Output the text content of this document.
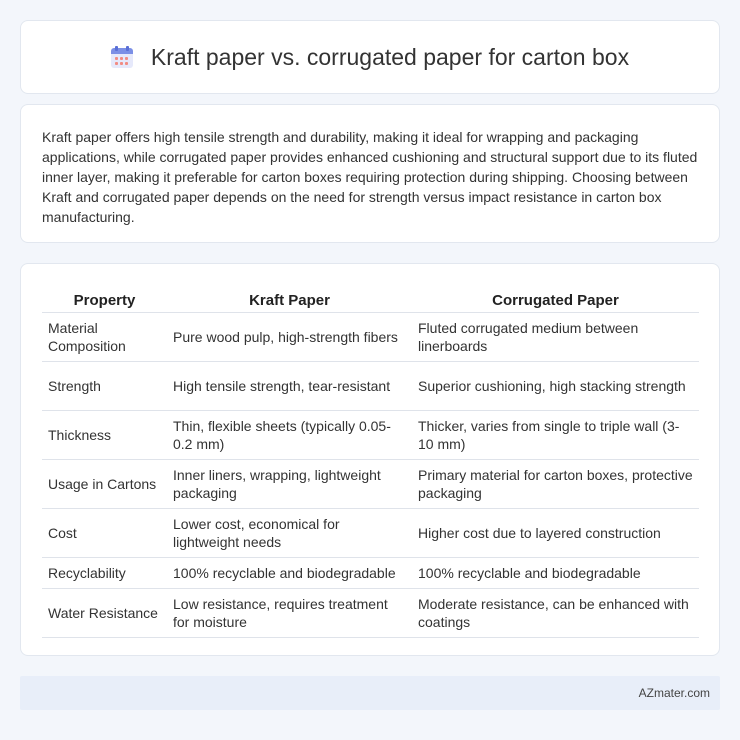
Kraft paper vs. corrugated paper for carton box

Kraft paper offers high tensile strength and durability, making it ideal for wrapping and packaging applications, while corrugated paper provides enhanced cushioning and structural support due to its fluted inner layer, making it preferable for carton boxes requiring protection during shipping. Choosing between Kraft and corrugated paper depends on the need for strength versus impact resistance in carton box manufacturing.

Property	Kraft Paper	Corrugated Paper
Material Composition	Pure wood pulp, high-strength fibers	Fluted corrugated medium between linerboards
Strength	High tensile strength, tear-resistant	Superior cushioning, high stacking strength
Thickness	Thin, flexible sheets (typically 0.05-0.2 mm)	Thicker, varies from single to triple wall (3-10 mm)
Usage in Cartons	Inner liners, wrapping, lightweight packaging	Primary material for carton boxes, protective packaging
Cost	Lower cost, economical for lightweight needs	Higher cost due to layered construction
Recyclability	100% recyclable and biodegradable	100% recyclable and biodegradable
Water Resistance	Low resistance, requires treatment for moisture	Moderate resistance, can be enhanced with coatings
AZmater.com
